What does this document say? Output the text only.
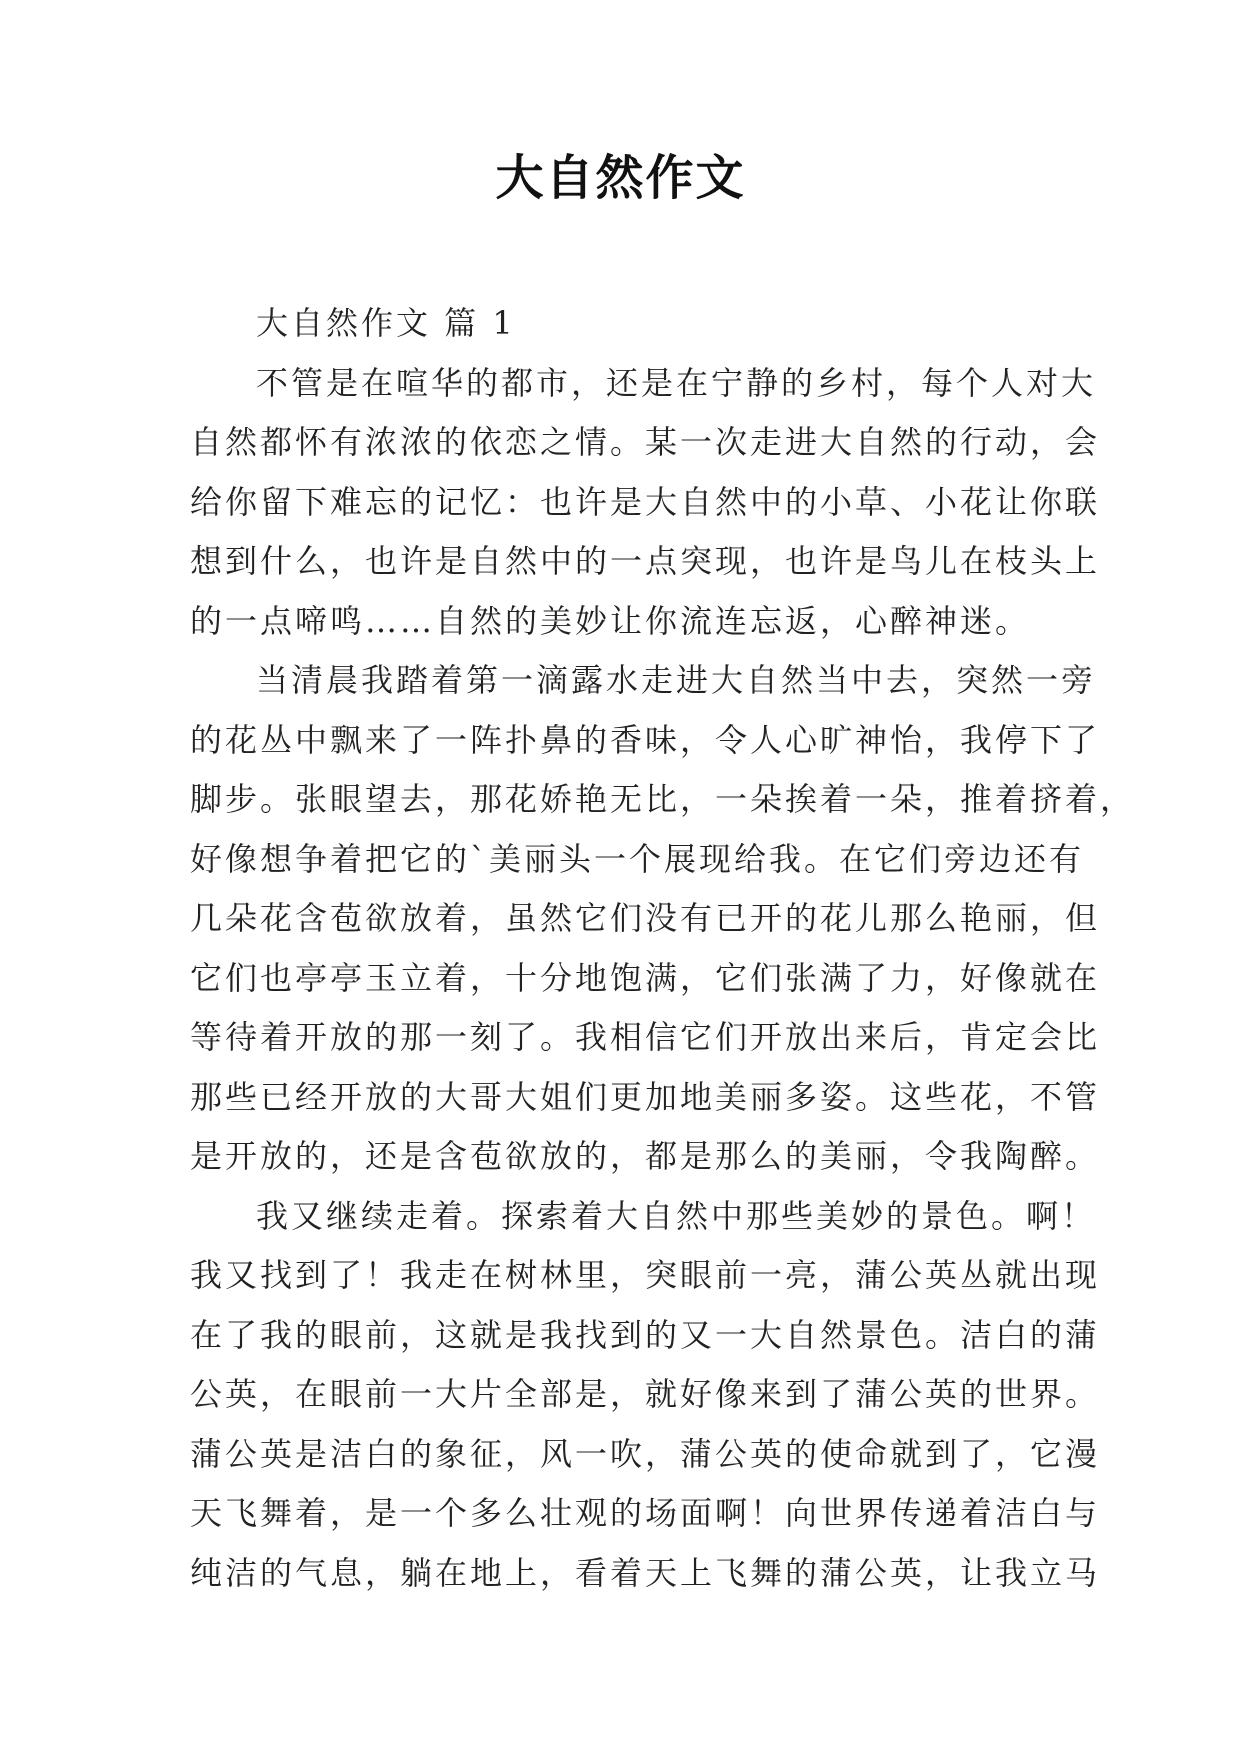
大自然作文

大自然作文 篇 1

不管是在喧华的都市，还是在宁静的乡村，每个人对大

自然都怀有浓浓的依恋之情。某一次走进大自然的行动，会

给你留下难忘的记忆：也许是大自然中的小草、小花让你联

想到什么，也许是自然中的一点突现，也许是鸟儿在枝头上

的一点啼鸣……自然的美妙让你流连忘返，心醉神迷。

当清晨我踏着第一滴露水走进大自然当中去，突然一旁

的花丛中飘来了一阵扑鼻的香味，令人心旷神怡，我停下了

脚步。张眼望去，那花娇艳无比，一朵挨着一朵，推着挤着，

好像想争着把它的`美丽头一个展现给我。在它们旁边还有

几朵花含苞欲放着，虽然它们没有已开的花儿那么艳丽，但

它们也亭亭玉立着，十分地饱满，它们张满了力，好像就在

等待着开放的那一刻了。我相信它们开放出来后，肯定会比

那些已经开放的大哥大姐们更加地美丽多姿。这些花，不管

是开放的，还是含苞欲放的，都是那么的美丽，令我陶醉。

我又继续走着。探索着大自然中那些美妙的景色。啊！

我又找到了！我走在树林里，突眼前一亮，蒲公英丛就出现

在了我的眼前，这就是我找到的又一大自然景色。洁白的蒲

公英，在眼前一大片全部是，就好像来到了蒲公英的世界。

蒲公英是洁白的象征，风一吹，蒲公英的使命就到了，它漫

天飞舞着，是一个多么壮观的场面啊！向世界传递着洁白与

纯洁的气息，躺在地上，看着天上飞舞的蒲公英，让我立马
